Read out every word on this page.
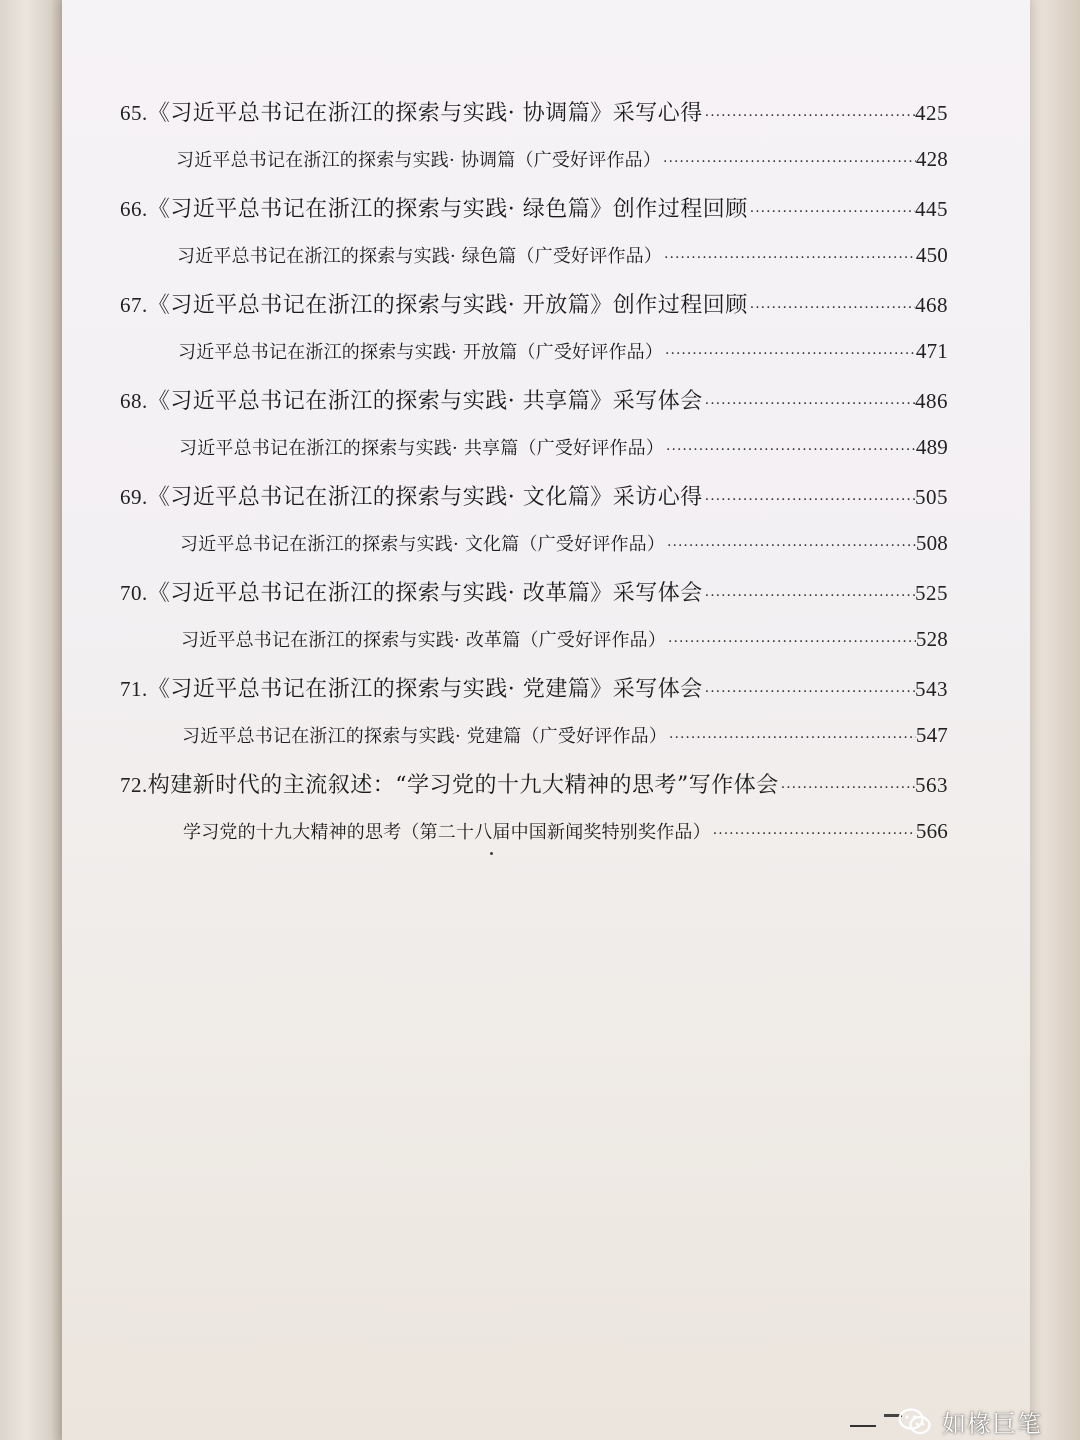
65. 《习近平总书记在浙江的探索与实践· 协调篇》采写心得 ·····	425
习近平总书记在浙江的探索与实践· 协调篇（广受好评作品） ·····	428
66. 《习近平总书记在浙江的探索与实践· 绿色篇》创作过程回顾 ·····	445
习近平总书记在浙江的探索与实践· 绿色篇（广受好评作品） ·····	450
67. 《习近平总书记在浙江的探索与实践· 开放篇》创作过程回顾 ·····	468
习近平总书记在浙江的探索与实践· 开放篇（广受好评作品） ·····	471
68. 《习近平总书记在浙江的探索与实践· 共享篇》采写体会 ·····	486
习近平总书记在浙江的探索与实践· 共享篇（广受好评作品） ·····	489
69. 《习近平总书记在浙江的探索与实践· 文化篇》采访心得 ·····	505
习近平总书记在浙江的探索与实践· 文化篇（广受好评作品） ·····	508
70. 《习近平总书记在浙江的探索与实践· 改革篇》采写体会 ·····	525
习近平总书记在浙江的探索与实践· 改革篇（广受好评作品） ·····	528
71. 《习近平总书记在浙江的探索与实践· 党建篇》采写体会 ·····	543
习近平总书记在浙江的探索与实践· 党建篇（广受好评作品） ·····	547
72. 构建新时代的主流叙述：“学习党的十九大精神的思考”写作体会 ·····	563
学习党的十九大精神的思考（第二十八届中国新闻奖特别奖作品） ·····	566
如椽巨笔
